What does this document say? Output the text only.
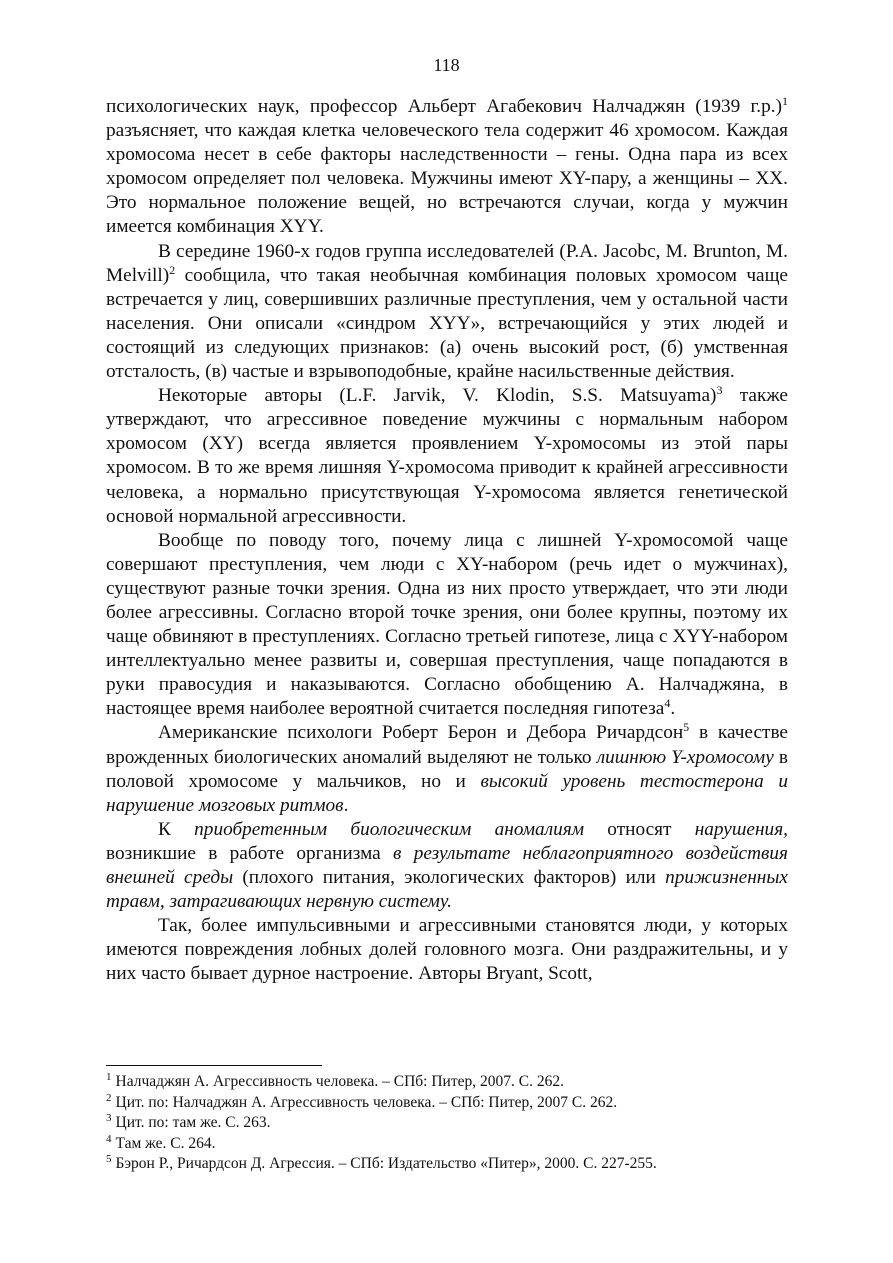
118

психологических наук, профессор Альберт Агабекович Налчаджян (1939 г.р.)$^1$ разъясняет, что каждая клетка человеческого тела содержит 46 хромосом. Каждая хромосома несет в себе факторы наследственности – гены. Одна пара из всех хромосом определяет пол человека. Мужчины имеют XY-пару, а женщины – XX. Это нормальное положение вещей, но встречаются случаи, когда у мужчин имеется комбинация XYY.

В середине 1960-х годов группа исследователей (P.A. Jacobc, M. Brunton, M. Melvill)$^2$ сообщила, что такая необычная комбинация половых хромосом чаще встречается у лиц, совершивших различные преступления, чем у остальной части населения. Они описали «синдром XYY», встречающийся у этих людей и состоящий из следующих признаков: (а) очень высокий рост, (б) умственная отсталость, (в) частые и взрывоподобные, крайне насильственные действия.

Некоторые авторы (L.F. Jarvik, V. Klodin, S.S. Matsuyama)$^3$ также утверждают, что агрессивное поведение мужчины с нормальным набором хромосом (XY) всегда является проявлением Y-хромосомы из этой пары хромосом. В то же время лишняя Y-хромосома приводит к крайней агрессивности человека, а нормально присутствующая Y-хромосома является генетической основой нормальной агрессивности.

Вообще по поводу того, почему лица с лишней Y-хромосомой чаще совершают преступления, чем люди с XY-набором (речь идет о мужчинах), существуют разные точки зрения. Одна из них просто утверждает, что эти люди более агрессивны. Согласно второй точке зрения, они более крупны, поэтому их чаще обвиняют в преступлениях. Согласно третьей гипотезе, лица с XYY-набором интеллектуально менее развиты и, совершая преступления, чаще попадаются в руки правосудия и наказываются. Согласно обобщению А. Налчаджяна, в настоящее время наиболее вероятной считается последняя гипотеза$^4$.

Американские психологи Роберт Берон и Дебора Ричардсон$^5$ в качестве врожденных биологических аномалий выделяют не только лишнюю Y-хромосому в половой хромосоме у мальчиков, но и высокий уровень тестостерона и нарушение мозговых ритмов.

К приобретенным биологическим аномалиям относят нарушения, возникшие в работе организма в результате неблагоприятного воздействия внешней среды (плохого питания, экологических факторов) или прижизненных травм, затрагивающих нервную систему.

Так, более импульсивными и агрессивными становятся люди, у которых имеются повреждения лобных долей головного мозга. Они раздражительны, и у них часто бывает дурное настроение. Авторы Bryant, Scott,

$^1$ Налчаджян А. Агрессивность человека. – СПб: Питер, 2007. С. 262.
$^2$ Цит. по: Налчаджян А. Агрессивность человека. – СПб: Питер, 2007 С. 262.
$^3$ Цит. по: там же. С. 263.
$^4$ Там же. С. 264.
$^5$ Бэрон Р., Ричардсон Д. Агрессия. – СПб: Издательство «Питер», 2000. С. 227-255.
